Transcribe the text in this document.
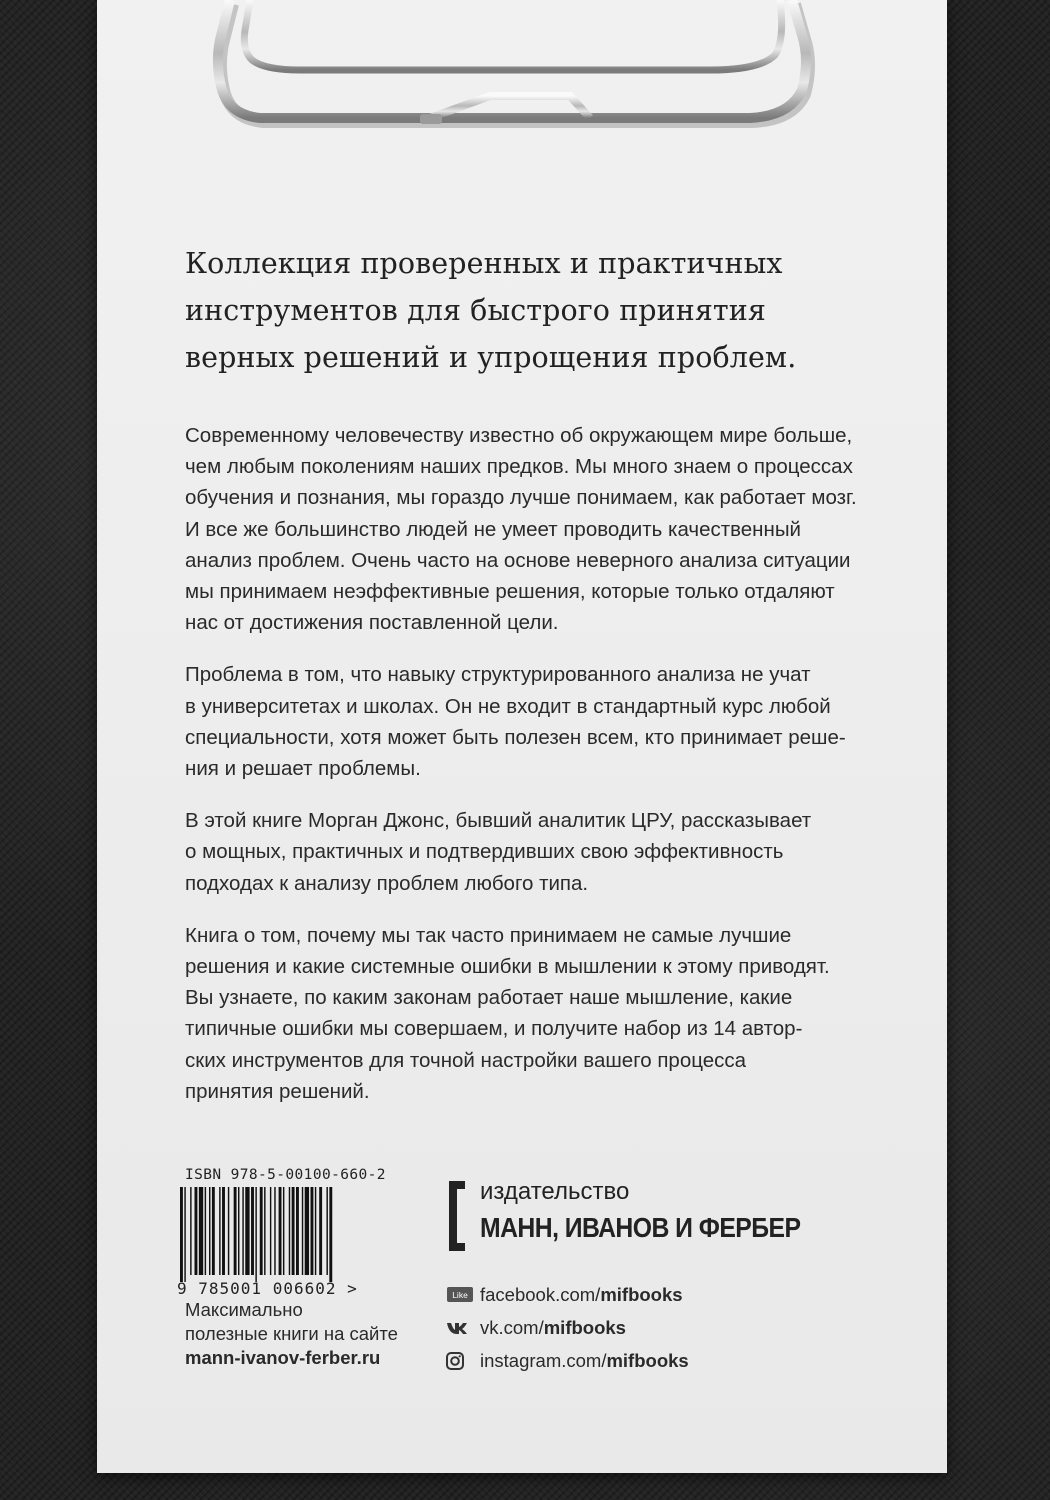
Коллекция проверенных и практичных
инструментов для быстрого принятия
верных решений и упрощения проблем.
Современному человечеству известно об окружающем мире больше,
чем любым поколениям наших предков. Мы много знаем о процессах
обучения и познания, мы гораздо лучше понимаем, как работает мозг.
И все же большинство людей не умеет проводить качественный
анализ проблем. Очень часто на основе неверного анализа ситуации
мы принимаем неэффективные решения, которые только отдаляют
нас от достижения поставленной цели.
Проблема в том, что навыку структурированного анализа не учат
в университетах и школах. Он не входит в стандартный курс любой
специальности, хотя может быть полезен всем, кто принимает реше-
ния и решает проблемы.
В этой книге Морган Джонс, бывший аналитик ЦРУ, рассказывает
о мощных, практичных и подтвердивших свою эффективность
подходах к анализу проблем любого типа.
Книга о том, почему мы так часто принимаем не самые лучшие
решения и какие системные ошибки в мышлении к этому приводят.
Вы узнаете, по каким законам работает наше мышление, какие
типичные ошибки мы совершаем, и получите набор из 14 автор-
ских инструментов для точной настройки вашего процесса
принятия решений.
ISBN 978-5-00100-660-2
9 785001 006602 >
Максимально
полезные книги на сайте
mann-ivanov-ferber.ru
издательство
МАНН, ИВАНОВ И ФЕРБЕР
Like facebook.com/mifbooks
vk.com/mifbooks
instagram.com/mifbooks
